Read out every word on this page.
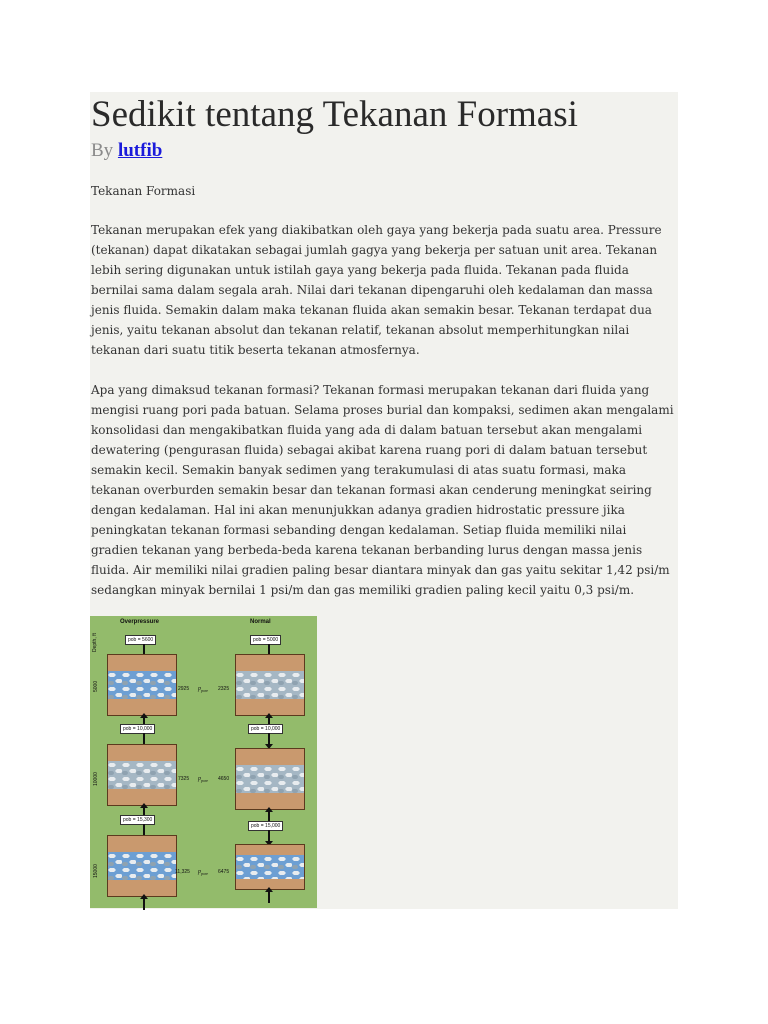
Sedikit tentang Tekanan Formasi
By lutfib

Tekanan Formasi

Tekanan merupakan efek yang diakibatkan oleh gaya yang bekerja pada suatu area. Pressure (tekanan) dapat dikatakan sebagai jumlah gagya yang bekerja per satuan unit area. Tekanan lebih sering digunakan untuk istilah gaya yang bekerja pada fluida. Tekanan pada fluida bernilai sama dalam segala arah. Nilai dari tekanan dipengaruhi oleh kedalaman dan massa jenis fluida. Semakin dalam maka tekanan fluida akan semakin besar. Tekanan terdapat dua jenis, yaitu tekanan absolut dan tekanan relatif, tekanan absolut memperhitungkan nilai tekanan dari suatu titik beserta tekanan atmosfernya.

Apa yang dimaksud tekanan formasi? Tekanan formasi merupakan tekanan dari fluida yang mengisi ruang pori pada batuan. Selama proses burial dan kompaksi, sedimen akan mengalami konsolidasi dan mengakibatkan fluida yang ada di dalam batuan tersebut akan mengalami dewatering (pengurasan fluida) sebagai akibat karena ruang pori di dalam batuan tersebut semakin kecil. Semakin banyak sedimen yang terakumulasi di atas suatu formasi, maka tekanan overburden semakin besar dan tekanan formasi akan cenderung meningkat seiring dengan kedalaman. Hal ini akan menunjukkan adanya gradien hidrostatic pressure jika peningkatan tekanan formasi sebanding dengan kedalaman. Setiap fluida memiliki nilai gradien tekanan yang berbeda-beda karena tekanan berbanding lurus dengan massa jenis fluida. Air memiliki nilai gradien paling besar diantara minyak dan gas yaitu sekitar 1,42 psi/m sedangkan minyak bernilai 1 psi/m dan gas memiliki gradien paling kecil yaitu 0,3 psi/m.

Overpressure	Normal
Depth, ft
5000
pob = 5600
2925 $p_{pore}$ 2325
pob = 5000
10000
pob = 10,000
7325 $p_{pore}$ 4650
pob = 10,000
15000
pob = 15,300
11,325 $p_{pore}$ 6475
pob = 15,000
